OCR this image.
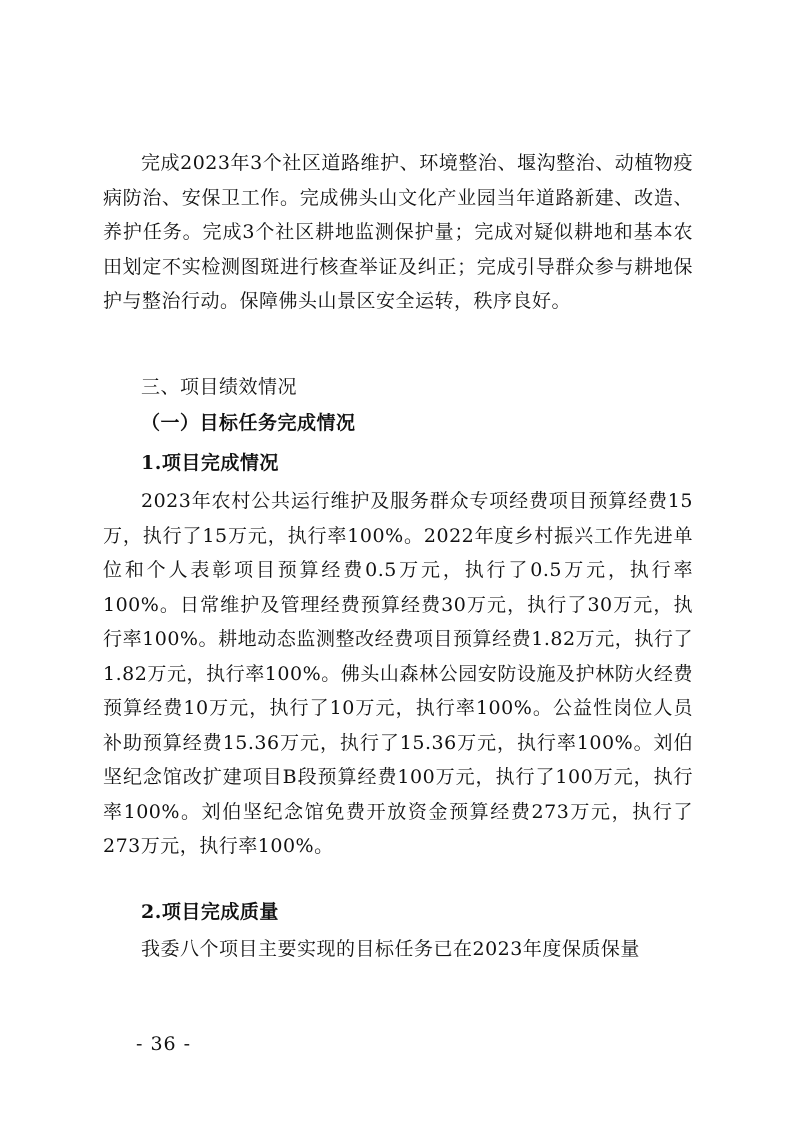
完成2023年3个社区道路维护、环境整治、堰沟整治、动植物疫病防治、安保卫工作。完成佛头山文化产业园当年道路新建、改造、养护任务。完成3个社区耕地监测保护量；完成对疑似耕地和基本农田划定不实检测图斑进行核查举证及纠正；完成引导群众参与耕地保护与整治行动。保障佛头山景区安全运转，秩序良好。

三、项目绩效情况

（一）目标任务完成情况

1.项目完成情况

2023年农村公共运行维护及服务群众专项经费项目预算经费15万，执行了15万元，执行率100%。2022年度乡村振兴工作先进单位和个人表彰项目预算经费0.5万元，执行了0.5万元，执行率100%。日常维护及管理经费预算经费30万元，执行了30万元，执行率100%。耕地动态监测整改经费项目预算经费1.82万元，执行了1.82万元，执行率100%。佛头山森林公园安防设施及护林防火经费预算经费10万元，执行了10万元，执行率100%。公益性岗位人员补助预算经费15.36万元，执行了15.36万元，执行率100%。刘伯坚纪念馆改扩建项目B段预算经费100万元，执行了100万元，执行率100%。刘伯坚纪念馆免费开放资金预算经费273万元，执行了273万元，执行率100%。

2.项目完成质量

我委八个项目主要实现的目标任务已在2023年度保质保量

- 36 -
